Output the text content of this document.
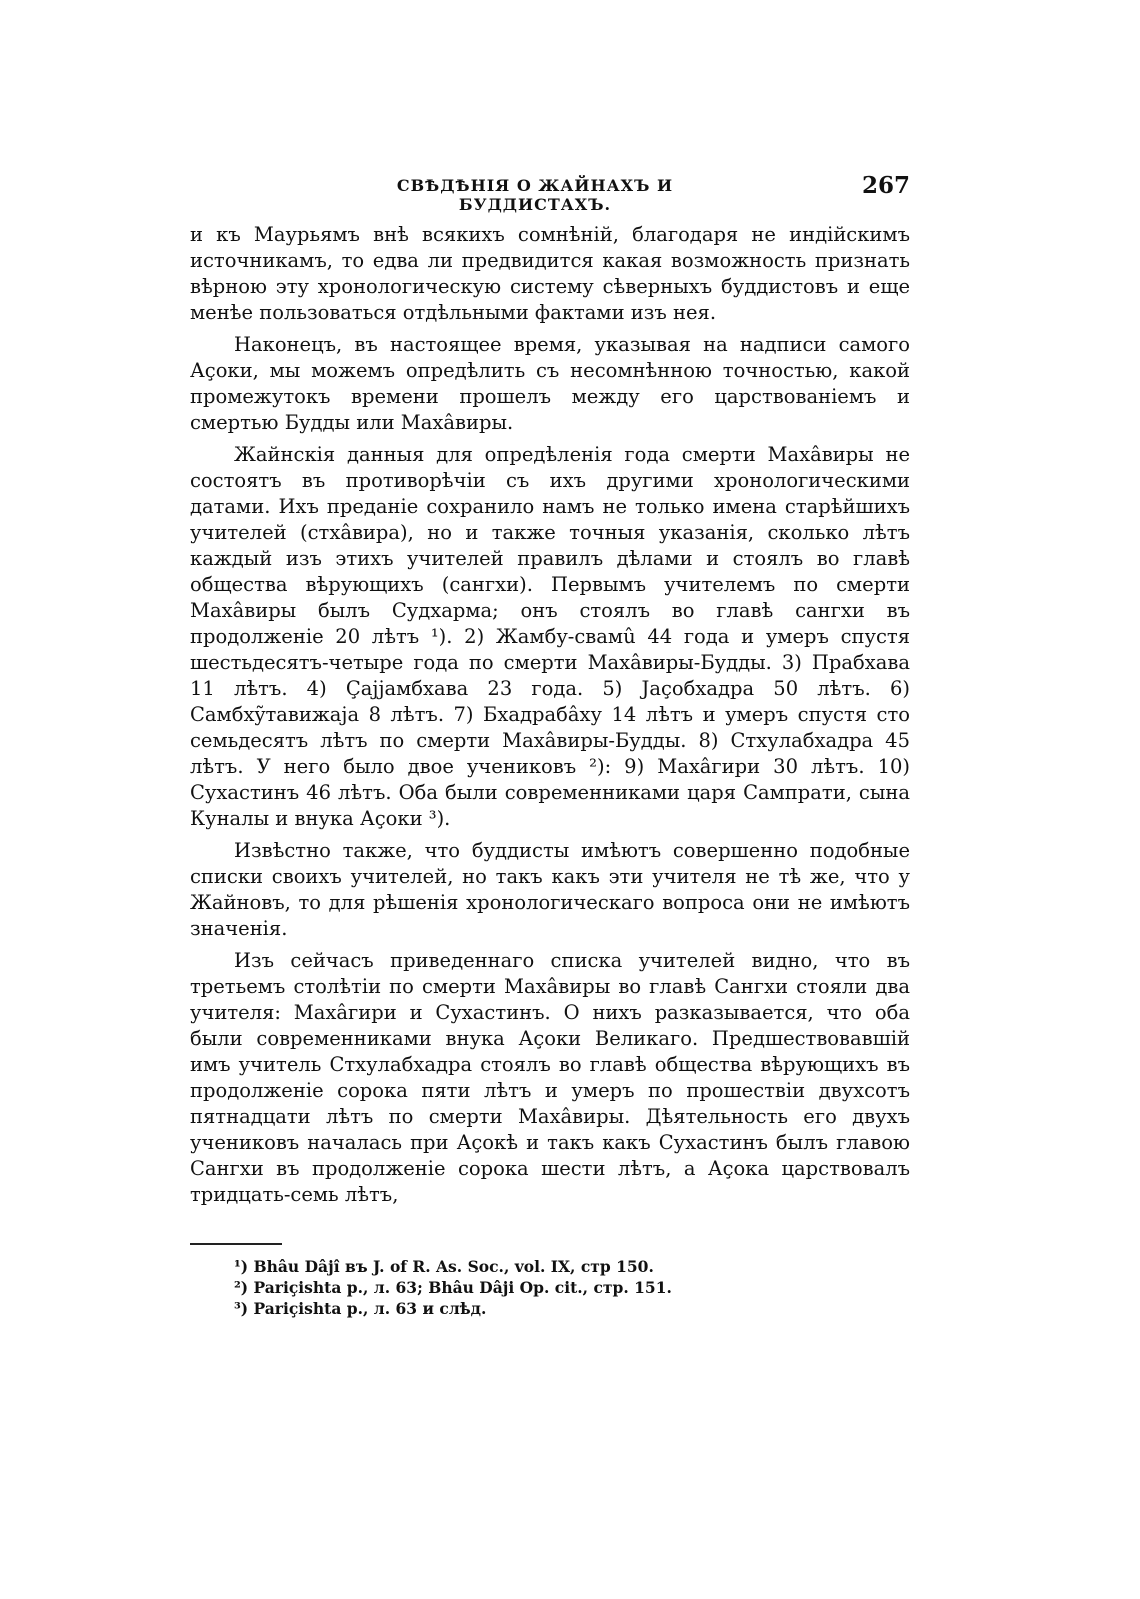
СВѢДѢНІЯ О ЖАЙНАХЪ И БУДДИСТАХЪ.
267

и къ Маурьямъ внѣ всякихъ сомнѣній, благодаря не индійскимъ источникамъ, то едва ли предвидится какая возможность признать вѣрною эту хронологическую систему сѣверныхъ буддистовъ и еще менѣе пользоваться отдѣльными фактами изъ нея.

Наконецъ, въ настоящее время, указывая на надписи самого Аҫоки, мы можемъ опредѣлить съ несомнѣнною точностью, какой промежутокъ времени прошелъ между его царствованіемъ и смертью Будды или Махâвиры.

Жайнскія данныя для опредѣленія года смерти Махâвиры не состоятъ въ противорѣчіи съ ихъ другими хронологическими датами. Ихъ преданіе сохранило намъ не только имена старѣйшихъ учителей (стхâвира), но и также точныя указанія, сколько лѣтъ каждый изъ этихъ учителей правилъ дѣлами и стоялъ во главѣ общества вѣрующихъ (сангхи). Первымъ учителемъ по смерти Махâвиры былъ Судхарма; онъ стоялъ во главѣ сангхи въ продолженіе 20 лѣтъ ¹). 2) Жамбу-свамû 44 года и умеръ спустя шестьдесятъ-четыре года по смерти Махâвиры-Будды. 3) Прабхава 11 лѣтъ. 4) Ҫаjjамбхава 23 года. 5) Јаҫобхадра 50 лѣтъ. 6) Самбхỹтавижаја 8 лѣтъ. 7) Бхадрабâху 14 лѣтъ и умеръ спустя сто семьдесятъ лѣтъ по смерти Махâвиры-Будды. 8) Стхулабхадра 45 лѣтъ. У него было двое учениковъ ²): 9) Махâгири 30 лѣтъ. 10) Сухастинъ 46 лѣтъ. Оба были современниками царя Сампрати, сына Куналы и внука Аҫоки ³).

Извѣстно также, что буддисты имѣютъ совершенно подобные списки своихъ учителей, но такъ какъ эти учителя не тѣ же, что у Жайновъ, то для рѣшенія хронологическаго вопроса они не имѣютъ значенія.

Изъ сейчасъ приведеннаго списка учителей видно, что въ третьемъ столѣтіи по смерти Махâвиры во главѣ Сангхи стояли два учителя: Махâгири и Сухастинъ. О нихъ разказывается, что оба были современниками внука Аҫоки Великаго. Предшествовавшій имъ учитель Стхулабхадра стоялъ во главѣ общества вѣрующихъ въ продолженіе сорока пяти лѣтъ и умеръ по прошествіи двухсотъ пятнадцати лѣтъ по смерти Махâвиры. Дѣятельность его двухъ учениковъ началась при Аҫокѣ и такъ какъ Сухастинъ былъ главою Сангхи въ продолженіе сорока шести лѣтъ, а Аҫока царствовалъ тридцать-семь лѣтъ,

¹) Bhâu Dâjî въ J. of R. As. Soc., vol. IX, стр 150.
²) Pariçishta p., л. 63; Bhâu Dâji Op. cit., стр. 151.
³) Pariçishta p., л. 63 и слѣд.
